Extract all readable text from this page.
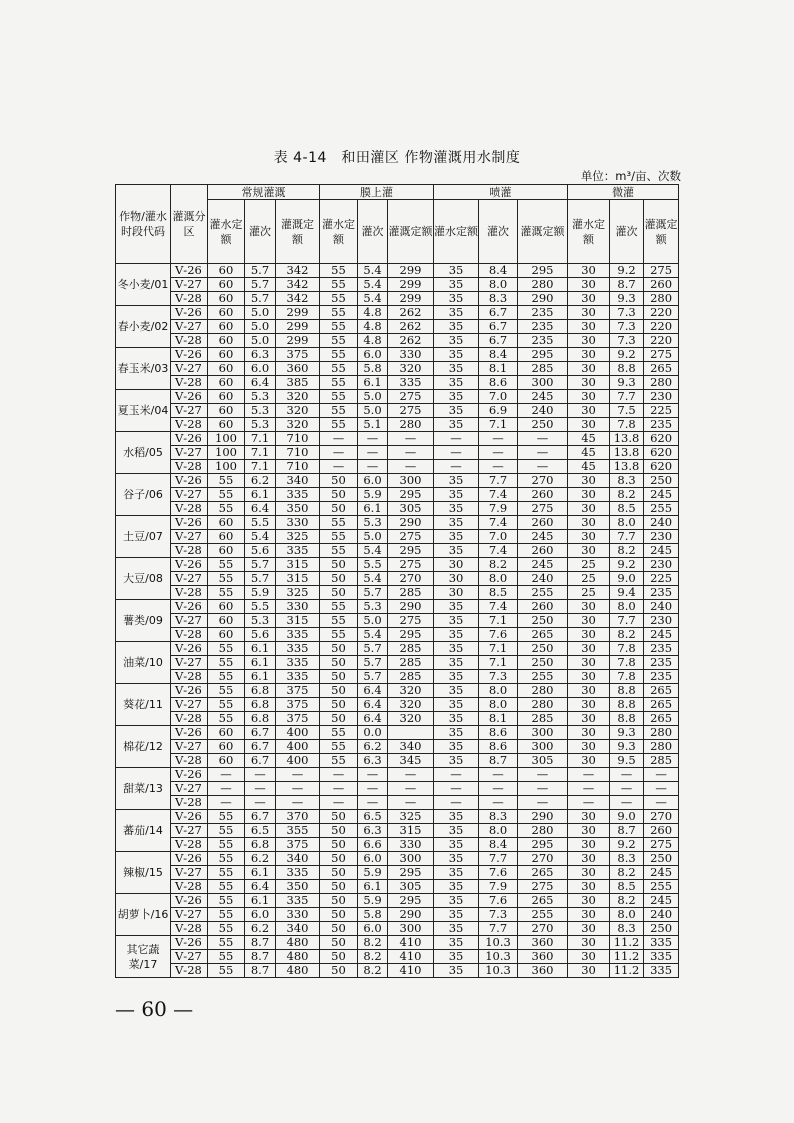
表 4-14　和田灌区 作物灌溉用水制度
单位：m³/亩、次数
作物/灌水时段代码	灌溉分区	常规灌溉			膜上灌			喷灌			微灌		
		灌水定额	灌次	灌溉定额	灌水定额	灌次	灌溉定额	灌水定额	灌次	灌溉定额	灌水定额	灌次	灌溉定额
冬小麦/01	Ⅴ-26	60	5.7	342	55	5.4	299	35	8.4	295	30	9.2	275
	Ⅴ-27	60	5.7	342	55	5.4	299	35	8.0	280	30	8.7	260
	Ⅴ-28	60	5.7	342	55	5.4	299	35	8.3	290	30	9.3	280
春小麦/02	Ⅴ-26	60	5.0	299	55	4.8	262	35	6.7	235	30	7.3	220
	Ⅴ-27	60	5.0	299	55	4.8	262	35	6.7	235	30	7.3	220
	Ⅴ-28	60	5.0	299	55	4.8	262	35	6.7	235	30	7.3	220
春玉米/03	Ⅴ-26	60	6.3	375	55	6.0	330	35	8.4	295	30	9.2	275
	Ⅴ-27	60	6.0	360	55	5.8	320	35	8.1	285	30	8.8	265
	Ⅴ-28	60	6.4	385	55	6.1	335	35	8.6	300	30	9.3	280
夏玉米/04	Ⅴ-26	60	5.3	320	55	5.0	275	35	7.0	245	30	7.7	230
	Ⅴ-27	60	5.3	320	55	5.0	275	35	6.9	240	30	7.5	225
	Ⅴ-28	60	5.3	320	55	5.1	280	35	7.1	250	30	7.8	235
水稻/05	Ⅴ-26	100	7.1	710	—	—	—	—	—	—	45	13.8	620
	Ⅴ-27	100	7.1	710	—	—	—	—	—	—	45	13.8	620
	Ⅴ-28	100	7.1	710	—	—	—	—	—	—	45	13.8	620
谷子/06	Ⅴ-26	55	6.2	340	50	6.0	300	35	7.7	270	30	8.3	250
	Ⅴ-27	55	6.1	335	50	5.9	295	35	7.4	260	30	8.2	245
	Ⅴ-28	55	6.4	350	50	6.1	305	35	7.9	275	30	8.5	255
土豆/07	Ⅴ-26	60	5.5	330	55	5.3	290	35	7.4	260	30	8.0	240
	Ⅴ-27	60	5.4	325	55	5.0	275	35	7.0	245	30	7.7	230
	Ⅴ-28	60	5.6	335	55	5.4	295	35	7.4	260	30	8.2	245
大豆/08	Ⅴ-26	55	5.7	315	50	5.5	275	30	8.2	245	25	9.2	230
	Ⅴ-27	55	5.7	315	50	5.4	270	30	8.0	240	25	9.0	225
	Ⅴ-28	55	5.9	325	50	5.7	285	30	8.5	255	25	9.4	235
薯类/09	Ⅴ-26	60	5.5	330	55	5.3	290	35	7.4	260	30	8.0	240
	Ⅴ-27	60	5.3	315	55	5.0	275	35	7.1	250	30	7.7	230
	Ⅴ-28	60	5.6	335	55	5.4	295	35	7.6	265	30	8.2	245
油菜/10	Ⅴ-26	55	6.1	335	50	5.7	285	35	7.1	250	30	7.8	235
	Ⅴ-27	55	6.1	335	50	5.7	285	35	7.1	250	30	7.8	235
	Ⅴ-28	55	6.1	335	50	5.7	285	35	7.3	255	30	7.8	235
葵花/11	Ⅴ-26	55	6.8	375	50	6.4	320	35	8.0	280	30	8.8	265
	Ⅴ-27	55	6.8	375	50	6.4	320	35	8.0	280	30	8.8	265
	Ⅴ-28	55	6.8	375	50	6.4	320	35	8.1	285	30	8.8	265
棉花/12	Ⅴ-26	60	6.7	400	55	0.0		35	8.6	300	30	9.3	280
	Ⅴ-27	60	6.7	400	55	6.2	340	35	8.6	300	30	9.3	280
	Ⅴ-28	60	6.7	400	55	6.3	345	35	8.7	305	30	9.5	285
甜菜/13	Ⅴ-26	—	—	—	—	—	—	—	—	—	—	—	—
	Ⅴ-27	—	—	—	—	—	—	—	—	—	—	—	—
	Ⅴ-28	—	—	—	—	—	—	—	—	—	—	—	—
蕃茄/14	Ⅴ-26	55	6.7	370	50	6.5	325	35	8.3	290	30	9.0	270
	Ⅴ-27	55	6.5	355	50	6.3	315	35	8.0	280	30	8.7	260
	Ⅴ-28	55	6.8	375	50	6.6	330	35	8.4	295	30	9.2	275
辣椒/15	Ⅴ-26	55	6.2	340	50	6.0	300	35	7.7	270	30	8.3	250
	Ⅴ-27	55	6.1	335	50	5.9	295	35	7.6	265	30	8.2	245
	Ⅴ-28	55	6.4	350	50	6.1	305	35	7.9	275	30	8.5	255
胡萝卜/16	Ⅴ-26	55	6.1	335	50	5.9	295	35	7.6	265	30	8.2	245
	Ⅴ-27	55	6.0	330	50	5.8	290	35	7.3	255	30	8.0	240
	Ⅴ-28	55	6.2	340	50	6.0	300	35	7.7	270	30	8.3	250
其它蔬菜/17	Ⅴ-26	55	8.7	480	50	8.2	410	35	10.3	360	30	11.2	335
	Ⅴ-27	55	8.7	480	50	8.2	410	35	10.3	360	30	11.2	335
	Ⅴ-28	55	8.7	480	50	8.2	410	35	10.3	360	30	11.2	335
— 60 —
